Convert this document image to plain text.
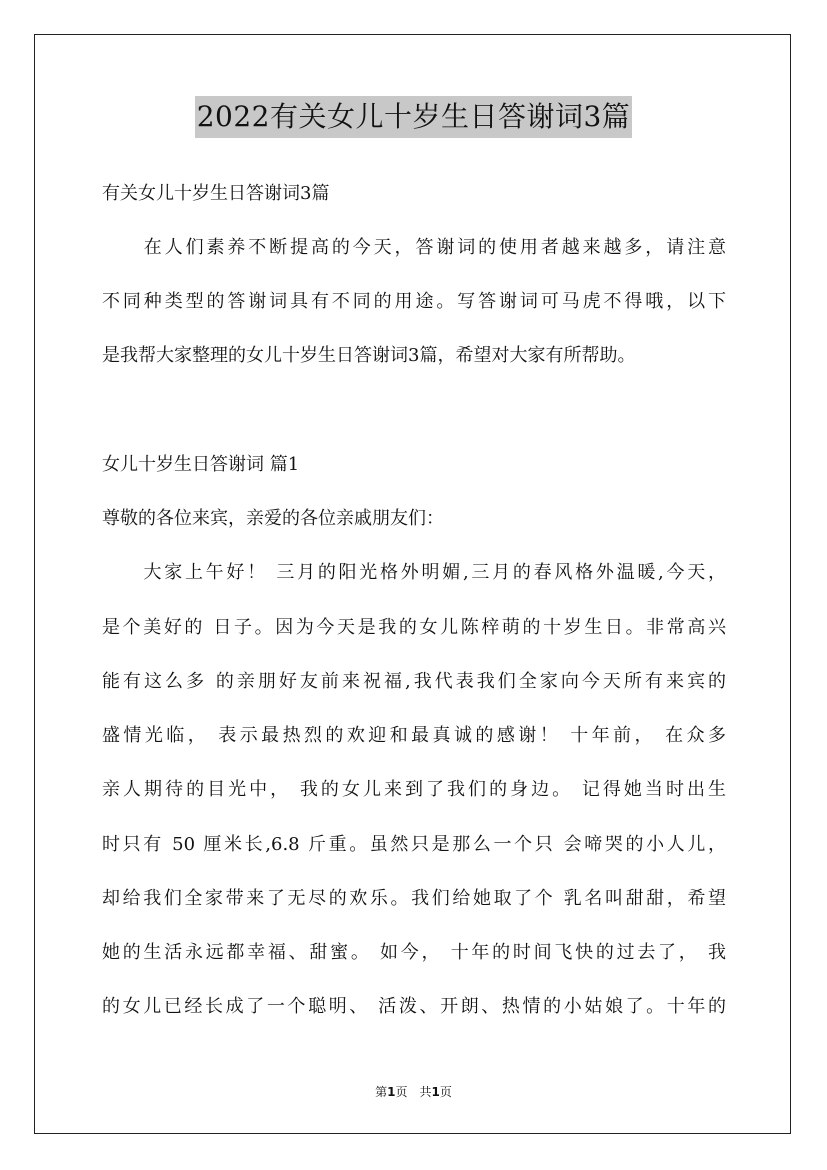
2022有关女儿十岁生日答谢词3篇
有关女儿十岁生日答谢词3篇
　　在人们素养不断提高的今天，答谢词的使用者越来越多，请注意
不同种类型的答谢词具有不同的用途。写答谢词可马虎不得哦，以下
是我帮大家整理的女儿十岁生日答谢词3篇，希望对大家有所帮助。
女儿十岁生日答谢词 篇1
尊敬的各位来宾，亲爱的各位亲戚朋友们：
　　大家上午好！ 三月的阳光格外明媚,三月的春风格外温暖,今天，
是个美好的 日子。因为今天是我的女儿陈梓萌的十岁生日。非常高兴
能有这么多 的亲朋好友前来祝福,我代表我们全家向今天所有来宾的
盛情光临， 表示最热烈的欢迎和最真诚的感谢！ 十年前， 在众多
亲人期待的目光中， 我的女儿来到了我们的身边。 记得她当时出生
时只有 50 厘米长,6.8 斤重。虽然只是那么一个只 会啼哭的小人儿，
却给我们全家带来了无尽的欢乐。我们给她取了个 乳名叫甜甜，希望
她的生活永远都幸福、甜蜜。 如今， 十年的时间飞快的过去了， 我
的女儿已经长成了一个聪明、 活泼、开朗、热情的小姑娘了。十年的
第1页　共1页
